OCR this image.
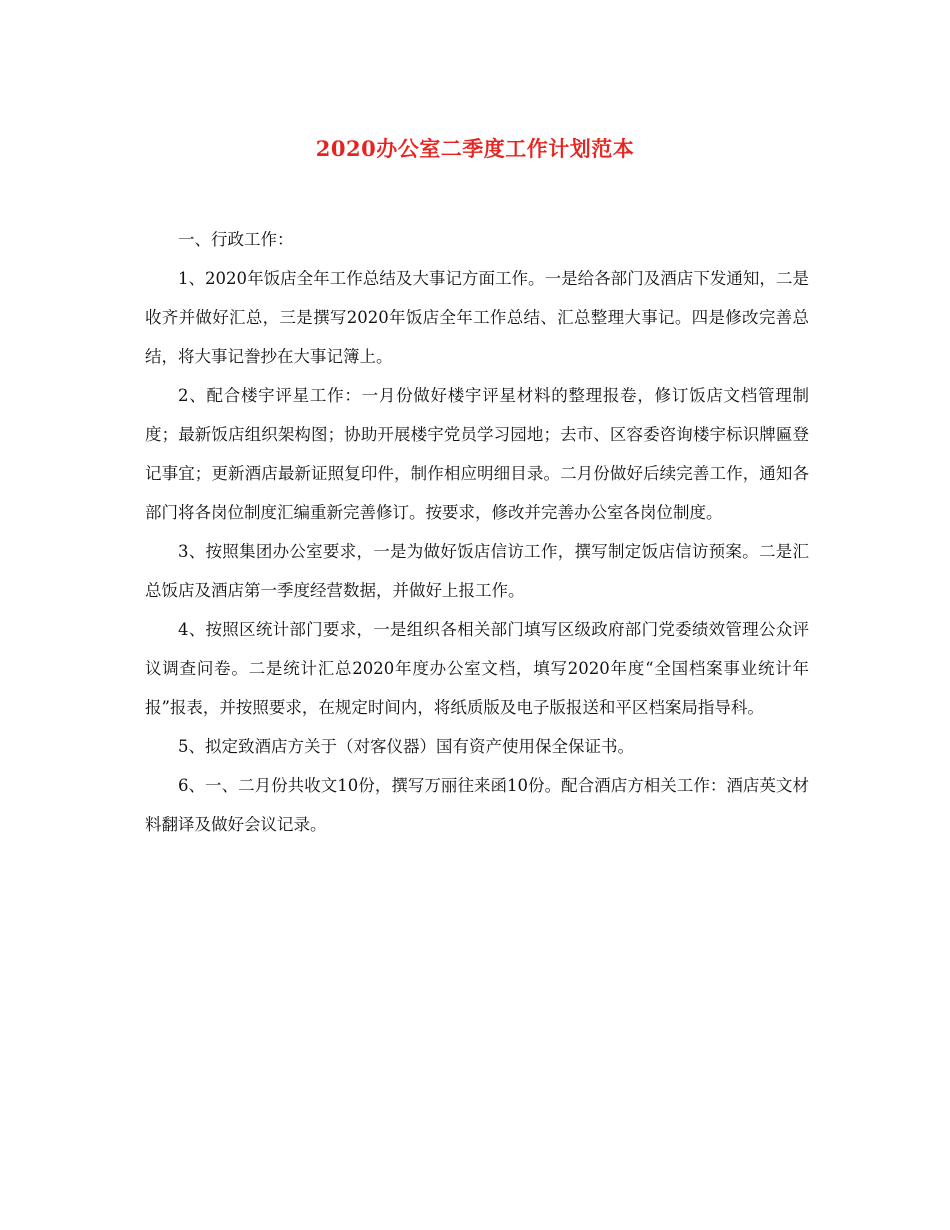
2020办公室二季度工作计划范本

一、行政工作：

1、2020年饭店全年工作总结及大事记方面工作。一是给各部门及酒店下发通知，二是收齐并做好汇总，三是撰写2020年饭店全年工作总结、汇总整理大事记。四是修改完善总结，将大事记誊抄在大事记簿上。

2、配合楼宇评星工作：一月份做好楼宇评星材料的整理报卷，修订饭店文档管理制度；最新饭店组织架构图；协助开展楼宇党员学习园地；去市、区容委咨询楼宇标识牌匾登记事宜；更新酒店最新证照复印件，制作相应明细目录。二月份做好后续完善工作，通知各部门将各岗位制度汇编重新完善修订。按要求，修改并完善办公室各岗位制度。

3、按照集团办公室要求，一是为做好饭店信访工作，撰写制定饭店信访预案。二是汇总饭店及酒店第一季度经营数据，并做好上报工作。

4、按照区统计部门要求，一是组织各相关部门填写区级政府部门党委绩效管理公众评议调查问卷。二是统计汇总2020年度办公室文档，填写2020年度“全国档案事业统计年报”报表，并按照要求，在规定时间内，将纸质版及电子版报送和平区档案局指导科。

5、拟定致酒店方关于（对客仪器）国有资产使用保全保证书。

6、一、二月份共收文10份，撰写万丽往来函10份。配合酒店方相关工作：酒店英文材料翻译及做好会议记录。
